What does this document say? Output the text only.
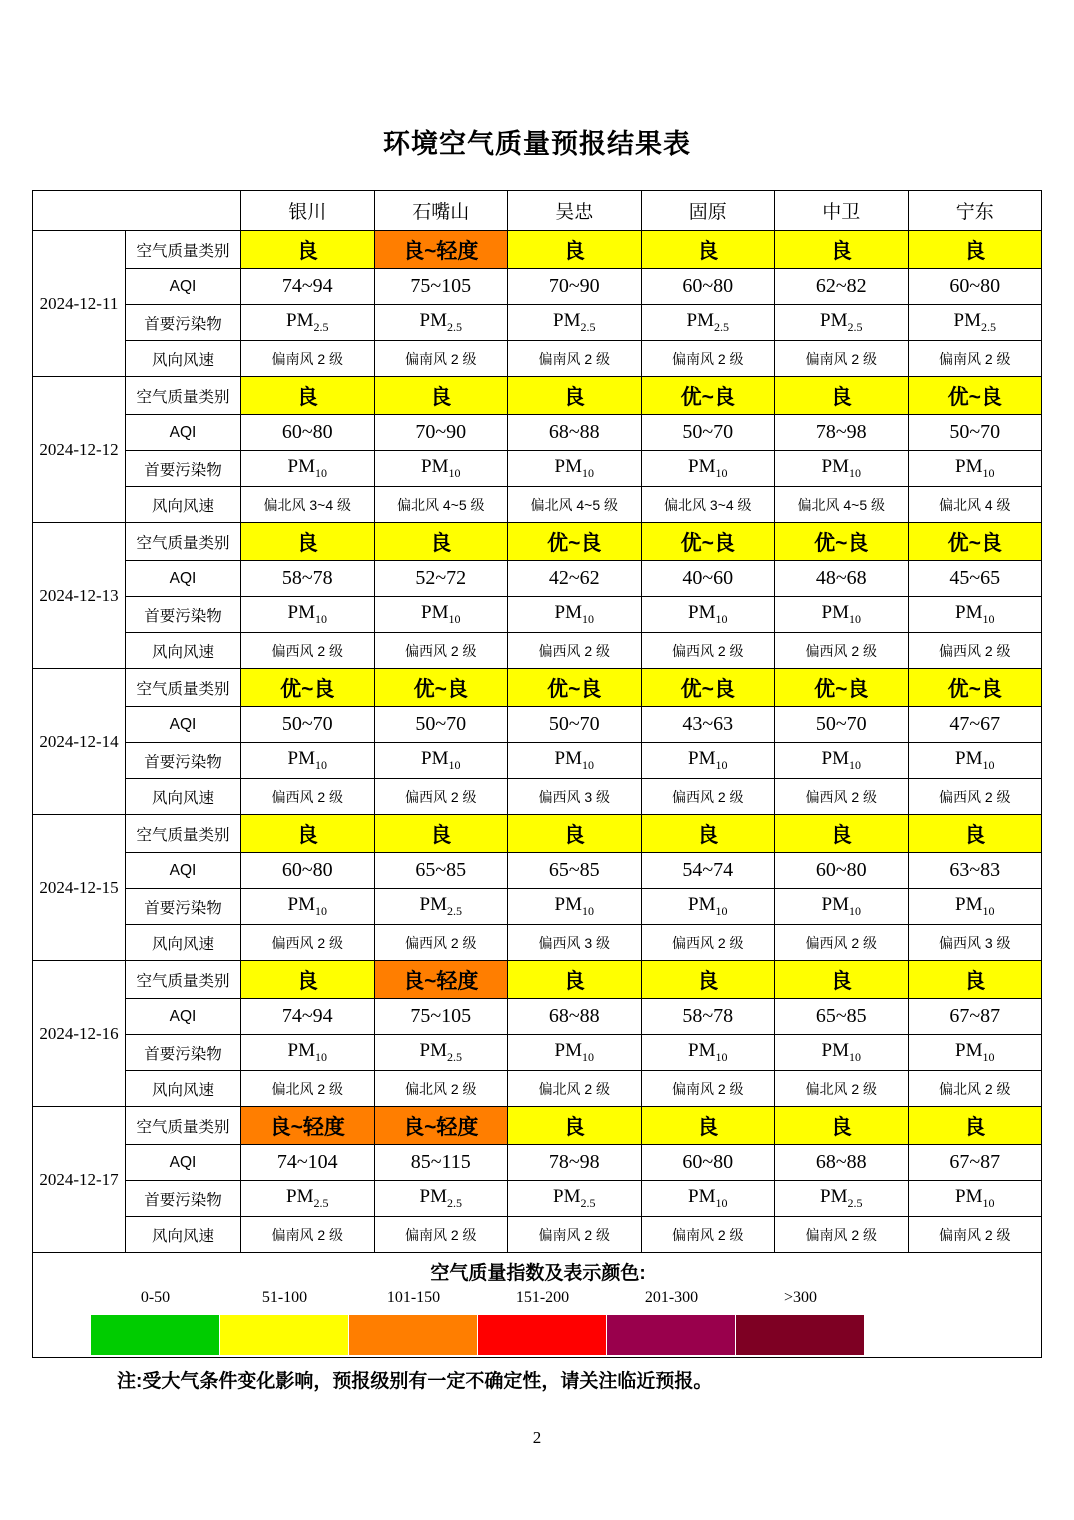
环境空气质量预报结果表
		银川	石嘴山	吴忠	固原	中卫	宁东
2024-12-11	空气质量类别	良	良~轻度	良	良	良	良
	AQI	74~94	75~105	70~90	60~80	62~82	60~80
	首要污染物	$PM_{2.5}$	$PM_{2.5}$	$PM_{2.5}$	$PM_{2.5}$	$PM_{2.5}$	$PM_{2.5}$
	风向风速	偏南风 2 级	偏南风 2 级	偏南风 2 级	偏南风 2 级	偏南风 2 级	偏南风 2 级
2024-12-12	空气质量类别	良	良	良	优~良	良	优~良
	AQI	60~80	70~90	68~88	50~70	78~98	50~70
	首要污染物	$PM_{10}$	$PM_{10}$	$PM_{10}$	$PM_{10}$	$PM_{10}$	$PM_{10}$
	风向风速	偏北风 3~4 级	偏北风 4~5 级	偏北风 4~5 级	偏北风 3~4 级	偏北风 4~5 级	偏北风 4 级
2024-12-13	空气质量类别	良	良	优~良	优~良	优~良	优~良
	AQI	58~78	52~72	42~62	40~60	48~68	45~65
	首要污染物	$PM_{10}$	$PM_{10}$	$PM_{10}$	$PM_{10}$	$PM_{10}$	$PM_{10}$
	风向风速	偏西风 2 级	偏西风 2 级	偏西风 2 级	偏西风 2 级	偏西风 2 级	偏西风 2 级
2024-12-14	空气质量类别	优~良	优~良	优~良	优~良	优~良	优~良
	AQI	50~70	50~70	50~70	43~63	50~70	47~67
	首要污染物	$PM_{10}$	$PM_{10}$	$PM_{10}$	$PM_{10}$	$PM_{10}$	$PM_{10}$
	风向风速	偏西风 2 级	偏西风 2 级	偏西风 3 级	偏西风 2 级	偏西风 2 级	偏西风 2 级
2024-12-15	空气质量类别	良	良	良	良	良	良
	AQI	60~80	65~85	65~85	54~74	60~80	63~83
	首要污染物	$PM_{10}$	$PM_{2.5}$	$PM_{10}$	$PM_{10}$	$PM_{10}$	$PM_{10}$
	风向风速	偏西风 2 级	偏西风 2 级	偏西风 3 级	偏西风 2 级	偏西风 2 级	偏西风 3 级
2024-12-16	空气质量类别	良	良~轻度	良	良	良	良
	AQI	74~94	75~105	68~88	58~78	65~85	67~87
	首要污染物	$PM_{10}$	$PM_{2.5}$	$PM_{10}$	$PM_{10}$	$PM_{10}$	$PM_{10}$
	风向风速	偏北风 2 级	偏北风 2 级	偏北风 2 级	偏南风 2 级	偏北风 2 级	偏北风 2 级
2024-12-17	空气质量类别	良~轻度	良~轻度	良	良	良	良
	AQI	74~104	85~115	78~98	60~80	68~88	67~87
	首要污染物	$PM_{2.5}$	$PM_{2.5}$	$PM_{2.5}$	$PM_{10}$	$PM_{2.5}$	$PM_{10}$
	风向风速	偏南风 2 级	偏南风 2 级	偏南风 2 级	偏南风 2 级	偏南风 2 级	偏南风 2 级

空气质量指数及表示颜色:
0-50	51-100	101-150	151-200	201-300	>300
注:受大气条件变化影响，预报级别有一定不确定性，请关注临近预报。
2
